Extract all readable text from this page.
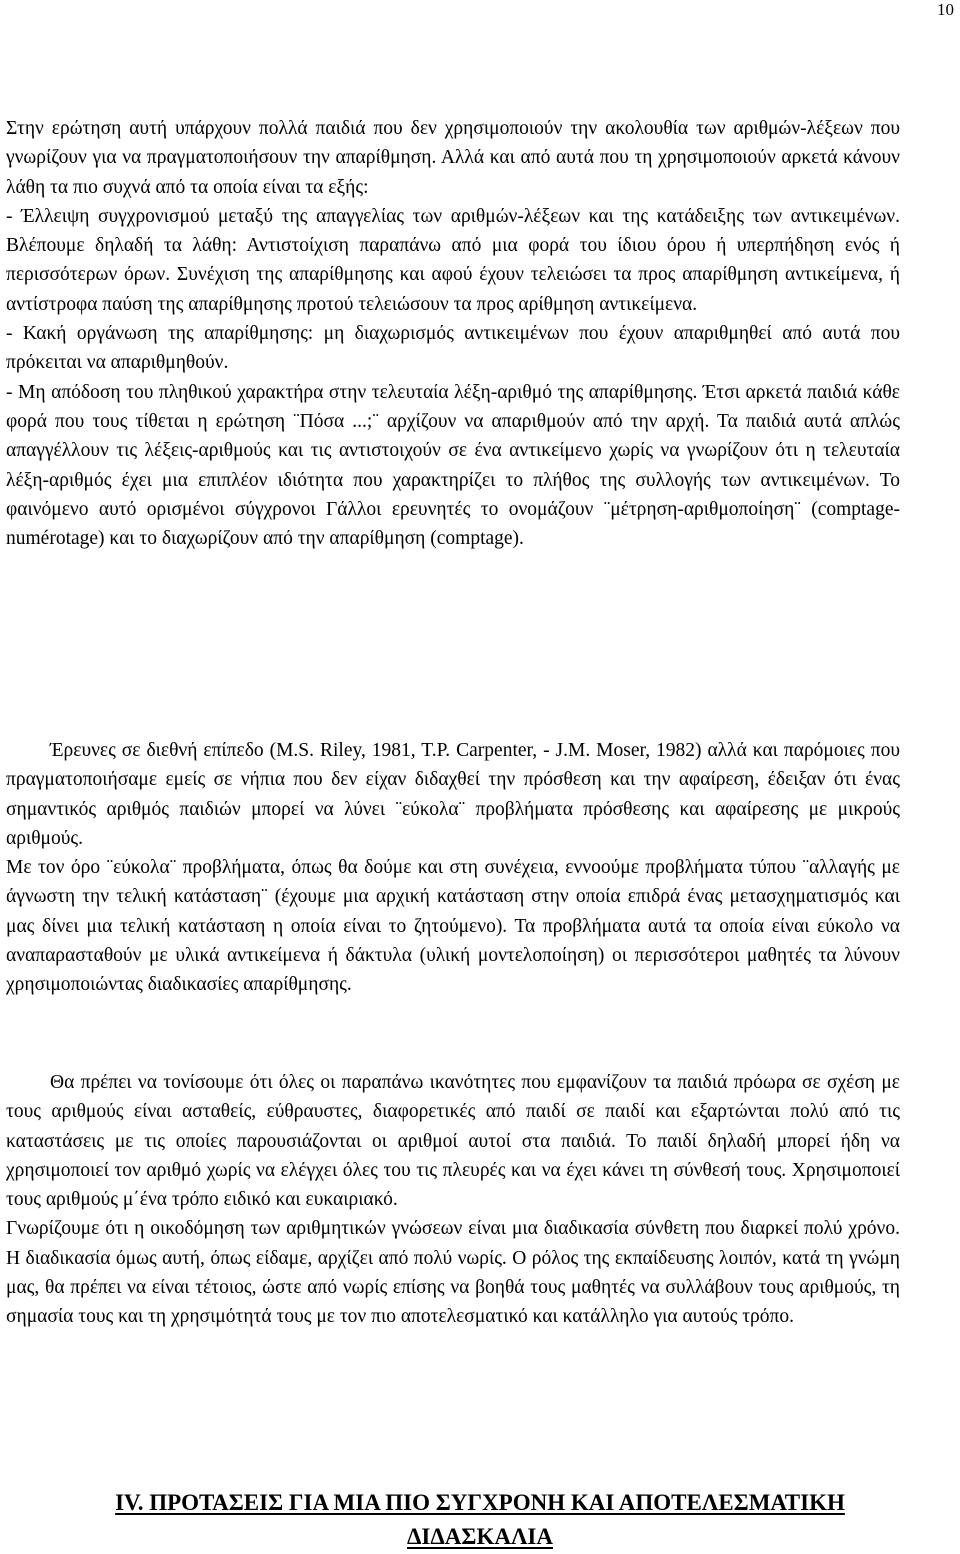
10

Στην ερώτηση αυτή υπάρχουν πολλά παιδιά που δεν χρησιμοποιούν την ακολουθία των αριθμών-λέξεων που γνωρίζουν για να πραγματοποιήσουν την απαρίθμηση. Αλλά και από αυτά που τη χρησιμοποιούν αρκετά κάνουν λάθη τα πιο συχνά από τα οποία είναι τα εξής:

- Έλλειψη συγχρονισμού μεταξύ της απαγγελίας των αριθμών-λέξεων και της κατάδειξης των αντικειμένων. Βλέπουμε δηλαδή τα λάθη: Αντιστοίχιση παραπάνω από μια φορά του ίδιου όρου ή υπερπήδηση ενός ή περισσότερων όρων. Συνέχιση της απαρίθμησης και αφού έχουν τελειώσει τα προς απαρίθμηση αντικείμενα, ή αντίστροφα παύση της απαρίθμησης προτού τελειώσουν τα προς αρίθμηση αντικείμενα.

- Κακή οργάνωση της απαρίθμησης: μη διαχωρισμός αντικειμένων που έχουν απαριθμηθεί από αυτά που πρόκειται να απαριθμηθούν.

- Μη απόδοση του πληθικού χαρακτήρα στην τελευταία λέξη-αριθμό της απαρίθμησης. Έτσι αρκετά παιδιά κάθε φορά που τους τίθεται η ερώτηση ¨Πόσα ...;¨ αρχίζουν να απαριθμούν από την αρχή. Τα παιδιά αυτά απλώς απαγγέλλουν τις λέξεις-αριθμούς και τις αντιστοιχούν σε ένα αντικείμενο χωρίς να γνωρίζουν ότι η τελευταία λέξη-αριθμός έχει μια επιπλέον ιδιότητα που χαρακτηρίζει το πλήθος της συλλογής των αντικειμένων. Το φαινόμενο αυτό ορισμένοι σύγχρονοι Γάλλοι ερευνητές το ονομάζουν ¨μέτρηση-αριθμοποίηση¨ (comptage-numérotage) και το διαχωρίζουν από την απαρίθμηση (comptage).

Έρευνες σε διεθνή επίπεδο (M.S. Riley, 1981, T.P. Carpenter, - J.M. Moser, 1982) αλλά και παρόμοιες που πραγματοποιήσαμε εμείς σε νήπια που δεν είχαν διδαχθεί την πρόσθεση και την αφαίρεση, έδειξαν ότι ένας σημαντικός αριθμός παιδιών μπορεί να λύνει ¨εύκολα¨ προβλήματα πρόσθεσης και αφαίρεσης με μικρούς αριθμούς.

Με τον όρο ¨εύκολα¨ προβλήματα, όπως θα δούμε και στη συνέχεια, εννοούμε προβλήματα τύπου ¨αλλαγής με άγνωστη την τελική κατάσταση¨ (έχουμε μια αρχική κατάσταση στην οποία επιδρά ένας μετασχηματισμός και μας δίνει μια τελική κατάσταση η οποία είναι το ζητούμενο). Τα προβλήματα αυτά τα οποία είναι εύκολο να αναπαρασταθούν με υλικά αντικείμενα ή δάκτυλα (υλική μοντελοποίηση) οι περισσότεροι μαθητές τα λύνουν χρησιμοποιώντας διαδικασίες απαρίθμησης.

Θα πρέπει να τονίσουμε ότι όλες οι παραπάνω ικανότητες που εμφανίζουν τα παιδιά πρόωρα σε σχέση με τους αριθμούς είναι ασταθείς, εύθραυστες, διαφορετικές από παιδί σε παιδί και εξαρτώνται πολύ από τις καταστάσεις με τις οποίες παρουσιάζονται οι αριθμοί αυτοί στα παιδιά. Το παιδί δηλαδή μπορεί ήδη να χρησιμοποιεί τον αριθμό χωρίς να ελέγχει όλες του τις πλευρές και να έχει κάνει τη σύνθεσή τους. Χρησιμοποιεί τους αριθμούς μ΄ένα τρόπο ειδικό και ευκαιριακό.

Γνωρίζουμε ότι η οικοδόμηση των αριθμητικών γνώσεων είναι μια διαδικασία σύνθετη που διαρκεί πολύ χρόνο. Η διαδικασία όμως αυτή, όπως είδαμε, αρχίζει από πολύ νωρίς. Ο ρόλος της εκπαίδευσης λοιπόν, κατά τη γνώμη μας, θα πρέπει να είναι τέτοιος, ώστε από νωρίς επίσης να βοηθά τους μαθητές να συλλάβουν τους αριθμούς, τη σημασία τους και τη χρησιμότητά τους με τον πιο αποτελεσματικό και κατάλληλο για αυτούς τρόπο.

IV. ΠΡΟΤΑΣΕΙΣ ΓΙΑ ΜΙΑ ΠΙΟ ΣΥΓΧΡΟΝΗ ΚΑΙ ΑΠΟΤΕΛΕΣΜΑΤΙΚΗ
ΔΙΔΑΣΚΑΛΙΑ
